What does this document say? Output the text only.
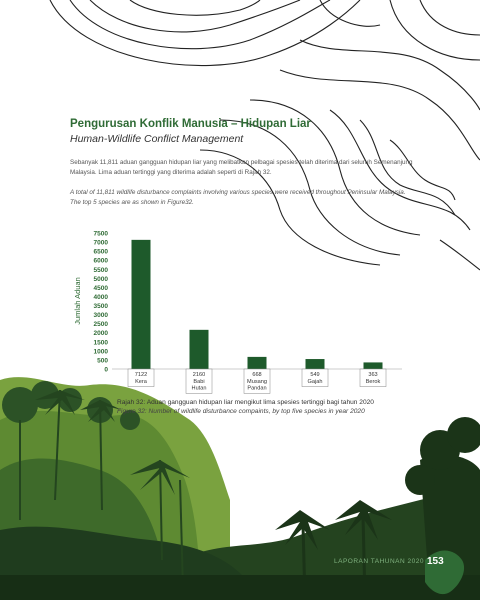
Pengurusan Konflik Manusia – Hidupan Liar
Human-Wildlife Conflict Management
Sebanyak 11,811 aduan gangguan hidupan liar yang melibatkan pelbagai spesies telah diterima dari seluruh Semenanjung Malaysia. Lima aduan tertinggi yang diterima adalah seperti di Rajah 32.
A total of 11,811 wildlife disturbance complaints involving various species were received throughout Peninsular Malaysia. The top 5 species are as shown in Figure32.
Jumlah Aduan
0
500
1000
1500
2000
2500
3000
3500
4000
4500
5000
5500
6000
6500
7000
7500
7122
Kera
2160
Babi
Hutan
668
Musang
Pandan
549
Gajah
363
Berok
Rajah 32: Aduan gangguan hidupan liar mengikut lima spesies tertinggi bagi tahun 2020
Figure 32: Number of wildlife disturbance compaints, by top five species in year 2020
LAPORAN TAHUNAN 2020 153
